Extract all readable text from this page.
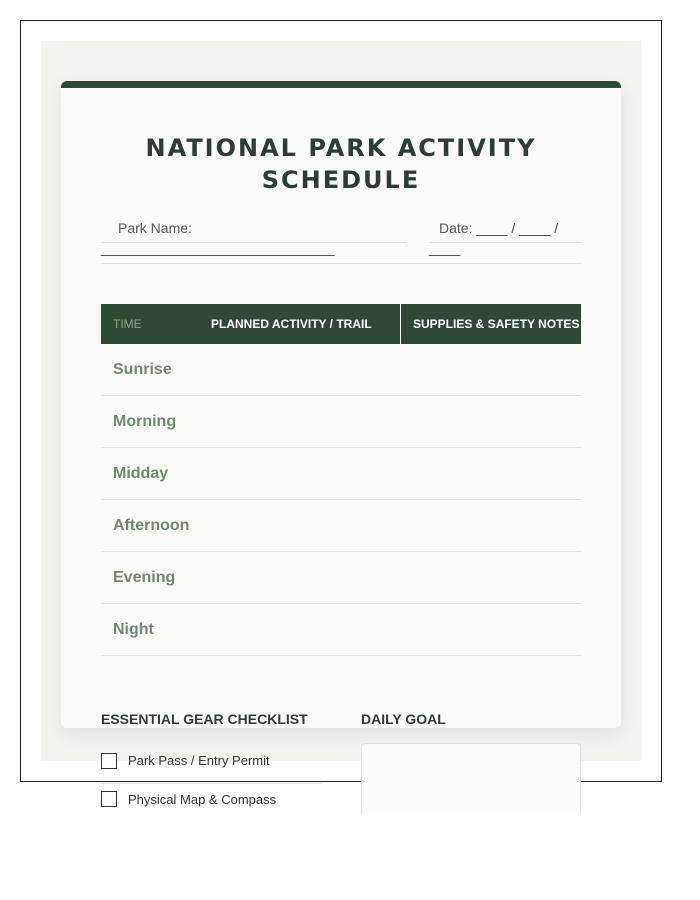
NATIONAL PARK ACTIVITY
SCHEDULE
Park Name: ______________________________
Date: ____ / ____ / ____
TIME	PLANNED ACTIVITY / TRAIL	SUPPLIES & SAFETY NOTES
Sunrise
Morning
Midday
Afternoon
Evening
Night
ESSENTIAL GEAR CHECKLIST	DAILY GOAL
Park Pass / Entry Permit
Physical Map & Compass
